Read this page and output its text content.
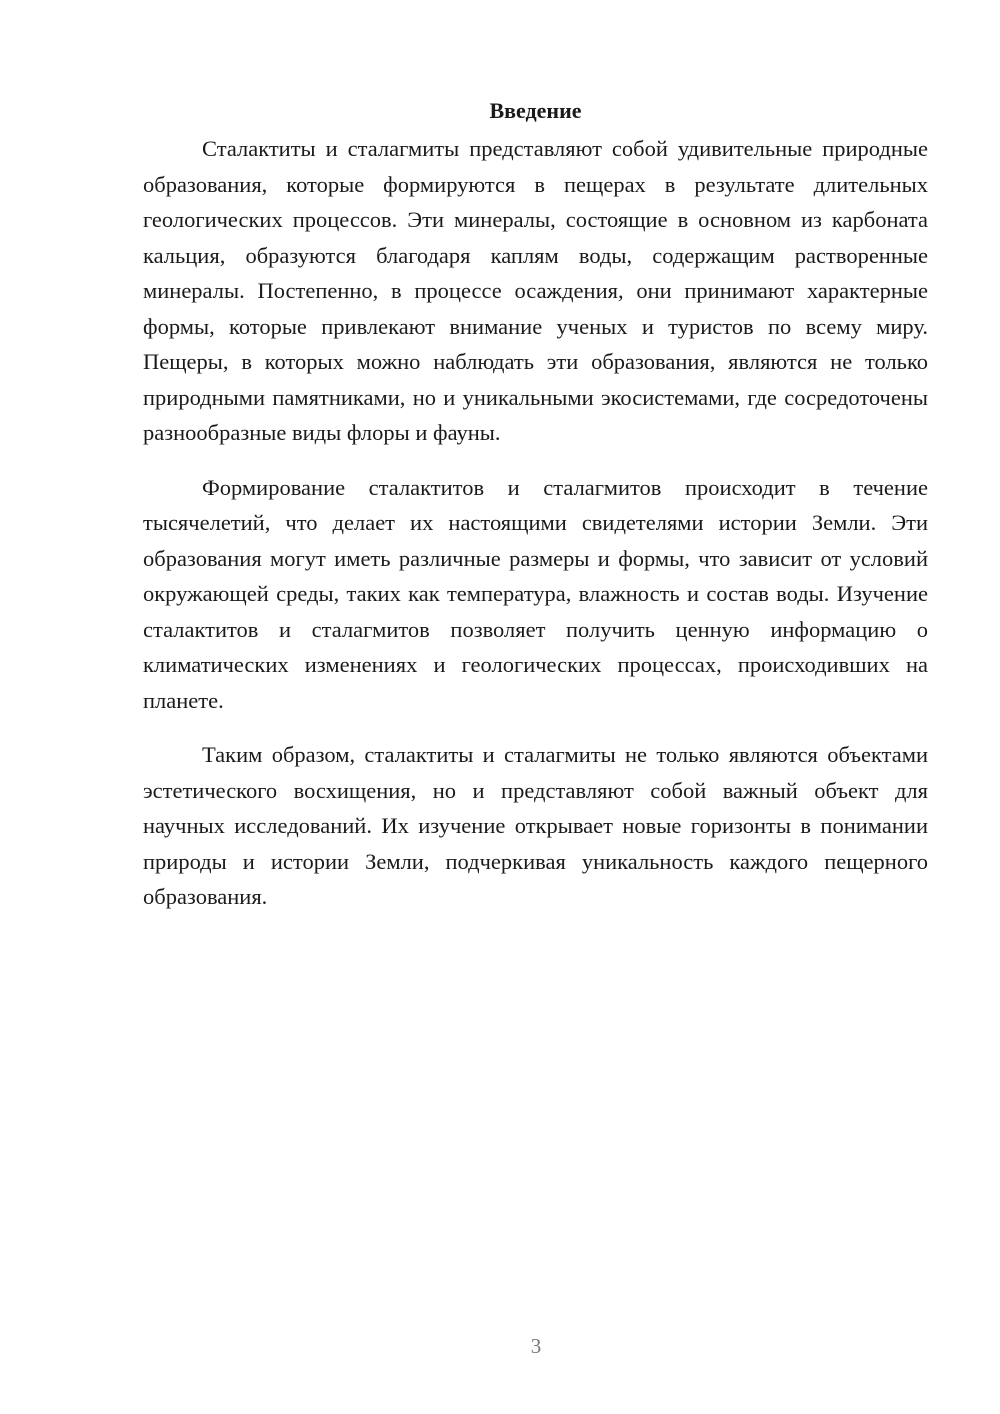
Введение

Сталактиты и сталагмиты представляют собой удивительные природные образования, которые формируются в пещерах в результате длительных геологических процессов. Эти минералы, состоящие в основном из карбоната кальция, образуются благодаря каплям воды, содержащим растворенные минералы. Постепенно, в процессе осаждения, они принимают характерные формы, которые привлекают внимание ученых и туристов по всему миру. Пещеры, в которых можно наблюдать эти образования, являются не только природными памятниками, но и уникальными экосистемами, где сосредоточены разнообразные виды флоры и фауны.

Формирование сталактитов и сталагмитов происходит в течение тысячелетий, что делает их настоящими свидетелями истории Земли. Эти образования могут иметь различные размеры и формы, что зависит от условий окружающей среды, таких как температура, влажность и состав воды. Изучение сталактитов и сталагмитов позволяет получить ценную информацию о климатических изменениях и геологических процессах, происходивших на планете.

Таким образом, сталактиты и сталагмиты не только являются объектами эстетического восхищения, но и представляют собой важный объект для научных исследований. Их изучение открывает новые горизонты в понимании природы и истории Земли, подчеркивая уникальность каждого пещерного образования.

3
